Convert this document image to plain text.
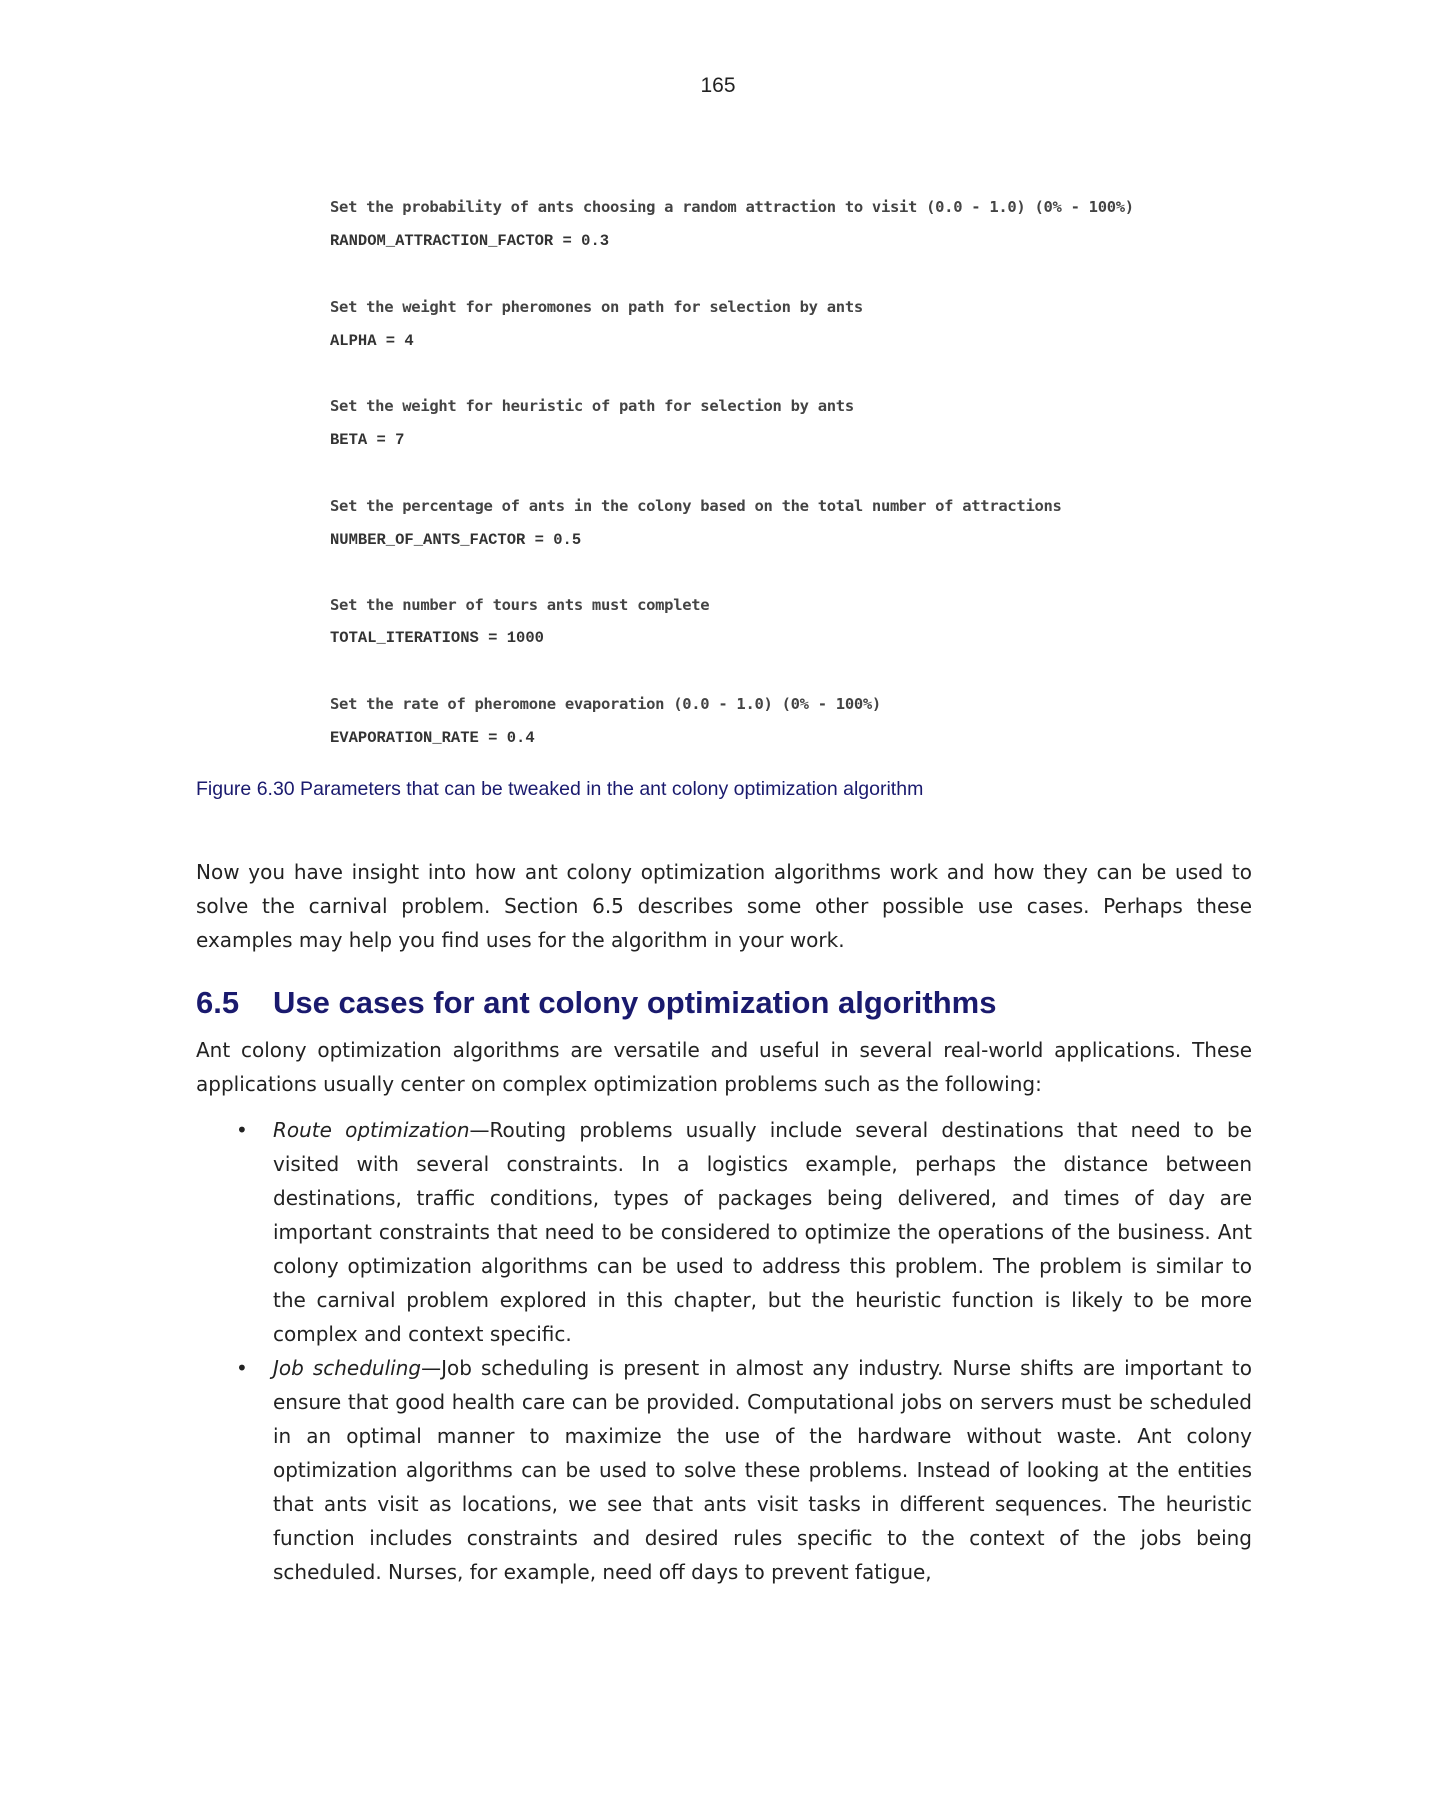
165
Set the probability of ants choosing a random attraction to visit (0.0 - 1.0) (0% - 100%)
RANDOM_ATTRACTION_FACTOR = 0.3
Set the weight for pheromones on path for selection by ants
ALPHA = 4
Set the weight for heuristic of path for selection by ants
BETA = 7
Set the percentage of ants in the colony based on the total number of attractions
NUMBER_OF_ANTS_FACTOR = 0.5
Set the number of tours ants must complete
TOTAL_ITERATIONS = 1000
Set the rate of pheromone evaporation (0.0 - 1.0) (0% - 100%)
EVAPORATION_RATE = 0.4
Figure 6.30 Parameters that can be tweaked in the ant colony optimization algorithm
Now you have insight into how ant colony optimization algorithms work and how they can be used to solve the carnival problem. Section 6.5 describes some other possible use cases. Perhaps these examples may help you find uses for the algorithm in your work.
6.5 Use cases for ant colony optimization algorithms
Ant colony optimization algorithms are versatile and useful in several real-world applications. These applications usually center on complex optimization problems such as the following:
• Route optimization—Routing problems usually include several destinations that need to be visited with several constraints. In a logistics example, perhaps the distance between destinations, traffic conditions, types of packages being delivered, and times of day are important constraints that need to be considered to optimize the operations of the business. Ant colony optimization algorithms can be used to address this problem. The problem is similar to the carnival problem explored in this chapter, but the heuristic function is likely to be more complex and context specific.
• Job scheduling—Job scheduling is present in almost any industry. Nurse shifts are important to ensure that good health care can be provided. Computational jobs on servers must be scheduled in an optimal manner to maximize the use of the hardware without waste. Ant colony optimization algorithms can be used to solve these problems. Instead of looking at the entities that ants visit as locations, we see that ants visit tasks in different sequences. The heuristic function includes constraints and desired rules specific to the context of the jobs being scheduled. Nurses, for example, need off days to prevent fatigue,
